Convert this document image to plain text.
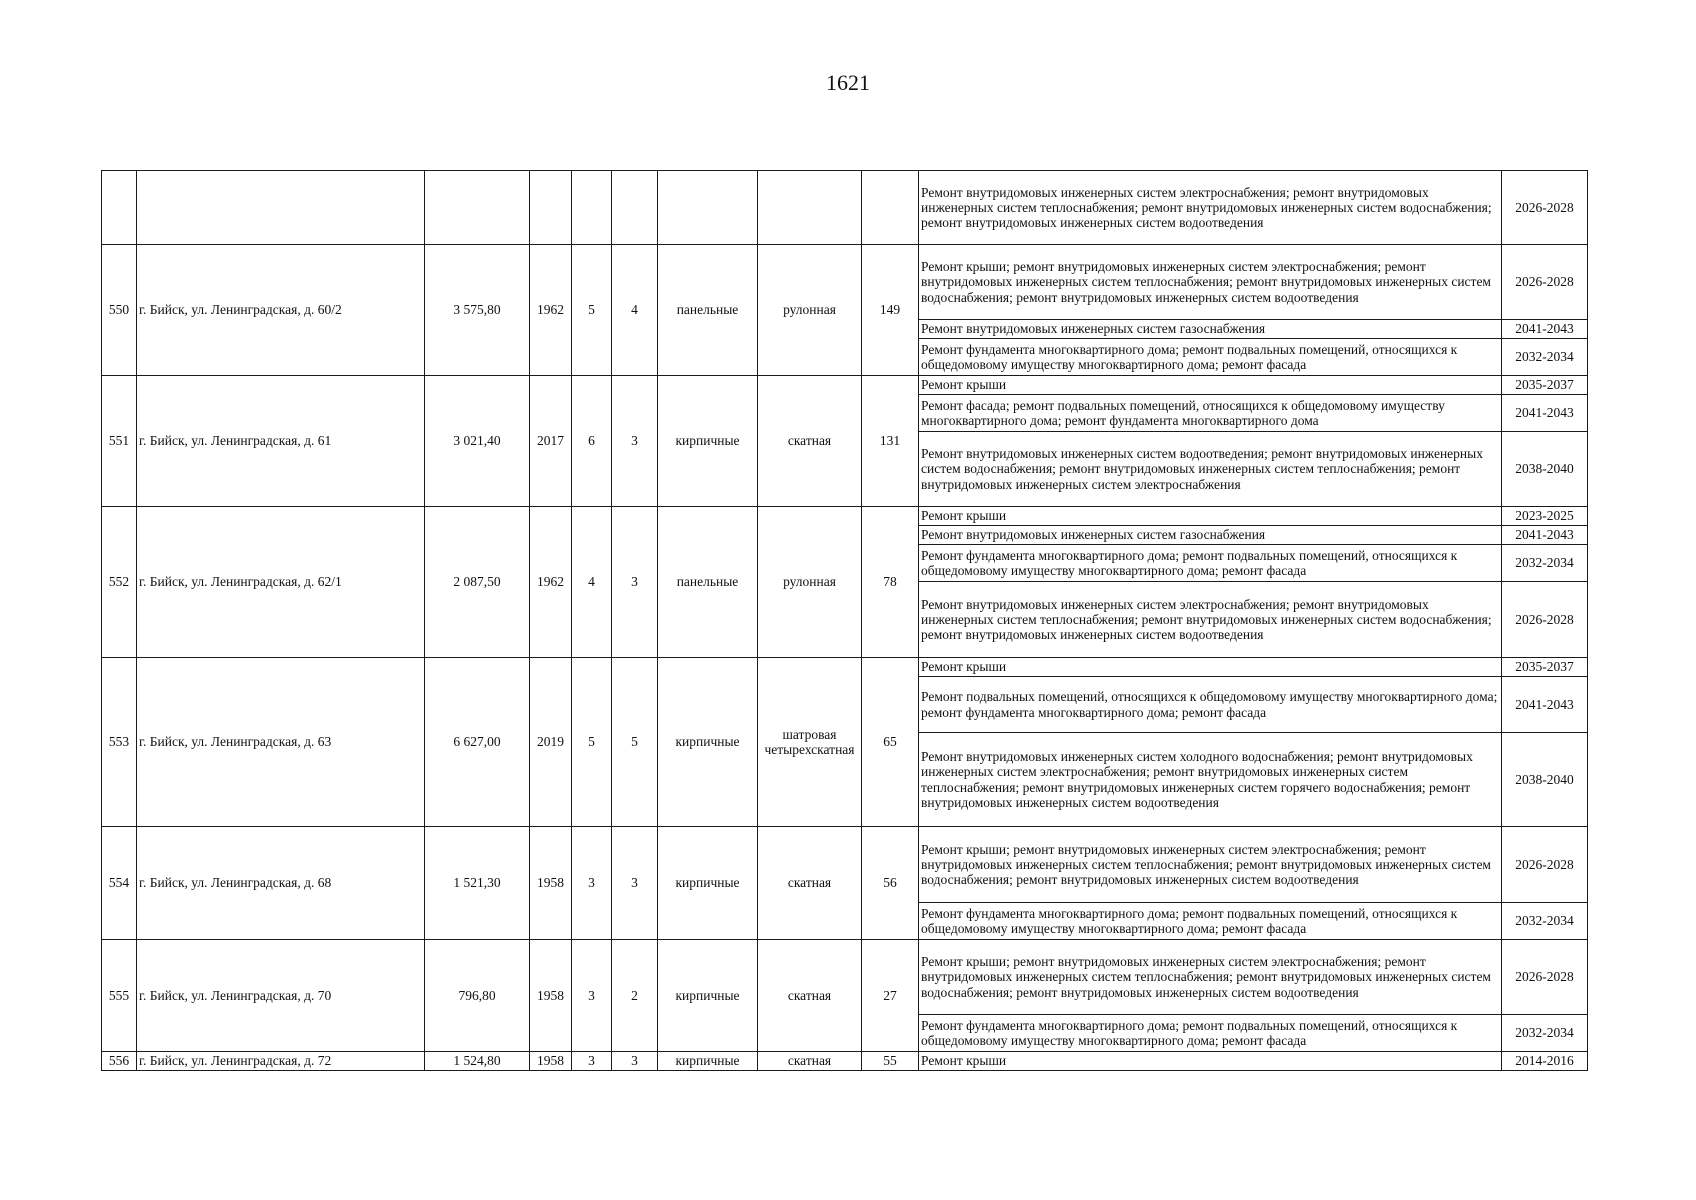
1621
									Ремонт внутридомовых инженерных систем электроснабжения; ремонт внутридомовых инженерных систем теплоснабжения; ремонт внутридомовых инженерных систем водоснабжения; ремонт внутридомовых инженерных систем водоотведения	2026-2028
550	г. Бийск, ул. Ленинградская, д. 60/2	3 575,80	1962	5	4	панельные	рулонная	149	Ремонт крыши; ремонт внутридомовых инженерных систем электроснабжения; ремонт внутридомовых инженерных систем теплоснабжения; ремонт внутридомовых инженерных систем водоснабжения; ремонт внутридомовых инженерных систем водоотведения	2026-2028
									Ремонт внутридомовых инженерных систем газоснабжения	2041-2043
									Ремонт фундамента многоквартирного дома; ремонт подвальных помещений, относящихся к общедомовому имуществу многоквартирного дома; ремонт фасада	2032-2034
551	г. Бийск, ул. Ленинградская, д. 61	3 021,40	2017	6	3	кирпичные	скатная	131	Ремонт крыши	2035-2037
									Ремонт фасада; ремонт подвальных помещений, относящихся к общедомовому имуществу многоквартирного дома; ремонт фундамента многоквартирного дома	2041-2043
									Ремонт внутридомовых инженерных систем водоотведения; ремонт внутридомовых инженерных систем водоснабжения; ремонт внутридомовых инженерных систем теплоснабжения; ремонт внутридомовых инженерных систем электроснабжения	2038-2040
552	г. Бийск, ул. Ленинградская, д. 62/1	2 087,50	1962	4	3	панельные	рулонная	78	Ремонт крыши	2023-2025
									Ремонт внутридомовых инженерных систем газоснабжения	2041-2043
									Ремонт фундамента многоквартирного дома; ремонт подвальных помещений, относящихся к общедомовому имуществу многоквартирного дома; ремонт фасада	2032-2034
									Ремонт внутридомовых инженерных систем электроснабжения; ремонт внутридомовых инженерных систем теплоснабжения; ремонт внутридомовых инженерных систем водоснабжения; ремонт внутридомовых инженерных систем водоотведения	2026-2028
553	г. Бийск, ул. Ленинградская, д. 63	6 627,00	2019	5	5	кирпичные	шатровая четырехскатная	65	Ремонт крыши	2035-2037
									Ремонт подвальных помещений, относящихся к общедомовому имуществу многоквартирного дома; ремонт фундамента многоквартирного дома; ремонт фасада	2041-2043
									Ремонт внутридомовых инженерных систем холодного водоснабжения; ремонт внутридомовых инженерных систем электроснабжения; ремонт внутридомовых инженерных систем теплоснабжения; ремонт внутридомовых инженерных систем горячего водоснабжения; ремонт внутридомовых инженерных систем водоотведения	2038-2040
554	г. Бийск, ул. Ленинградская, д. 68	1 521,30	1958	3	3	кирпичные	скатная	56	Ремонт крыши; ремонт внутридомовых инженерных систем электроснабжения; ремонт внутридомовых инженерных систем теплоснабжения; ремонт внутридомовых инженерных систем водоснабжения; ремонт внутридомовых инженерных систем водоотведения	2026-2028
									Ремонт фундамента многоквартирного дома; ремонт подвальных помещений, относящихся к общедомовому имуществу многоквартирного дома; ремонт фасада	2032-2034
555	г. Бийск, ул. Ленинградская, д. 70	796,80	1958	3	2	кирпичные	скатная	27	Ремонт крыши; ремонт внутридомовых инженерных систем электроснабжения; ремонт внутридомовых инженерных систем теплоснабжения; ремонт внутридомовых инженерных систем водоснабжения; ремонт внутридомовых инженерных систем водоотведения	2026-2028
									Ремонт фундамента многоквартирного дома; ремонт подвальных помещений, относящихся к общедомовому имуществу многоквартирного дома; ремонт фасада	2032-2034
556	г. Бийск, ул. Ленинградская, д. 72	1 524,80	1958	3	3	кирпичные	скатная	55	Ремонт крыши	2014-2016
